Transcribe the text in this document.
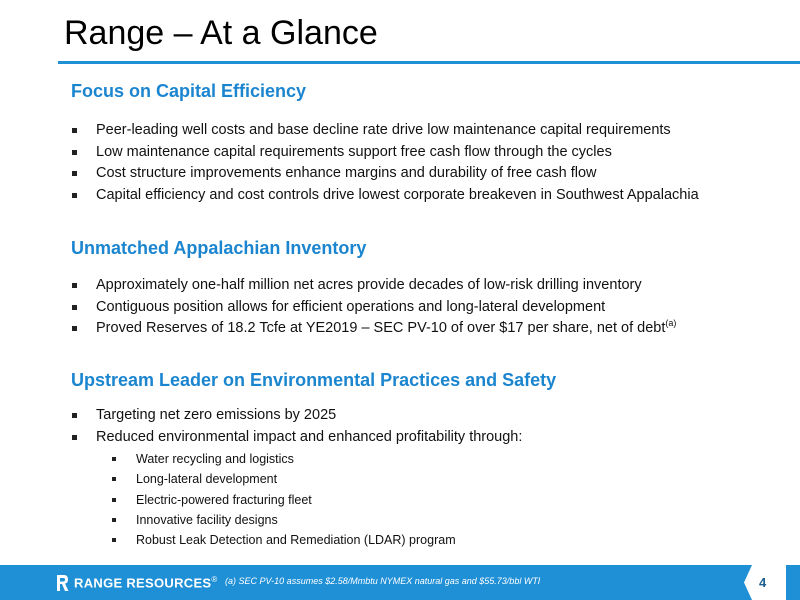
Range – At a Glance
Focus on Capital Efficiency
Peer-leading well costs and base decline rate drive low maintenance capital requirements
Low maintenance capital requirements support free cash flow through the cycles
Cost structure improvements enhance margins and durability of free cash flow
Capital efficiency and cost controls drive lowest corporate breakeven in Southwest Appalachia
Unmatched Appalachian Inventory
Approximately one-half million net acres provide decades of low-risk drilling inventory
Contiguous position allows for efficient operations and long-lateral development
Proved Reserves of 18.2 Tcfe at YE2019 – SEC PV-10 of over $17 per share, net of debt$^{(a)}$
Upstream Leader on Environmental Practices and Safety
Targeting net zero emissions by 2025
Reduced environmental impact and enhanced profitability through:
Water recycling and logistics
Long-lateral development
Electric-powered fracturing fleet
Innovative facility designs
Robust Leak Detection and Remediation (LDAR) program
RANGE RESOURCES® (a) SEC PV-10 assumes $2.58/Mmbtu NYMEX natural gas and $55.73/bbl WTI	4
